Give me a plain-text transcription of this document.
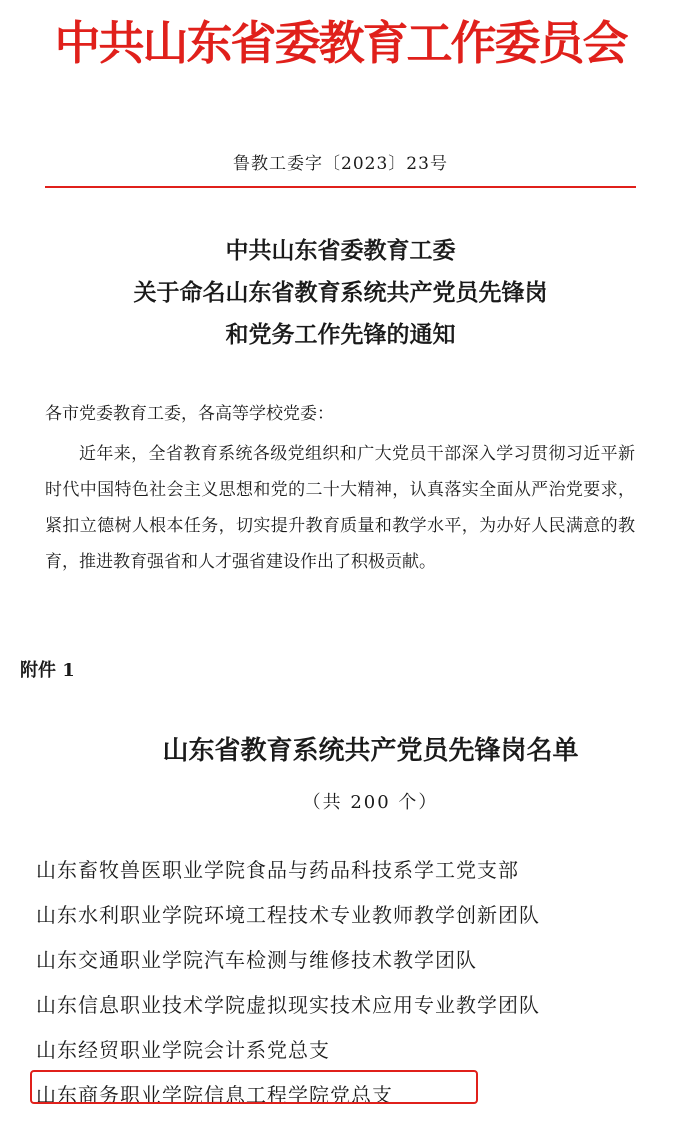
中共山东省委教育工作委员会
鲁教工委字〔2023〕23号
中共山东省委教育工委
关于命名山东省教育系统共产党员先锋岗
和党务工作先锋的通知
各市党委教育工委，各高等学校党委：
近年来，全省教育系统各级党组织和广大党员干部深入学习贯彻习近平新时代中国特色社会主义思想和党的二十大精神，认真落实全面从严治党要求，紧扣立德树人根本任务，切实提升教育质量和教学水平，为办好人民满意的教育，推进教育强省和人才强省建设作出了积极贡献。
附件 1
山东省教育系统共产党员先锋岗名单
（共 200 个）
山东畜牧兽医职业学院食品与药品科技系学工党支部
山东水利职业学院环境工程技术专业教师教学创新团队
山东交通职业学院汽车检测与维修技术教学团队
山东信息职业技术学院虚拟现实技术应用专业教学团队
山东经贸职业学院会计系党总支
山东商务职业学院信息工程学院党总支
